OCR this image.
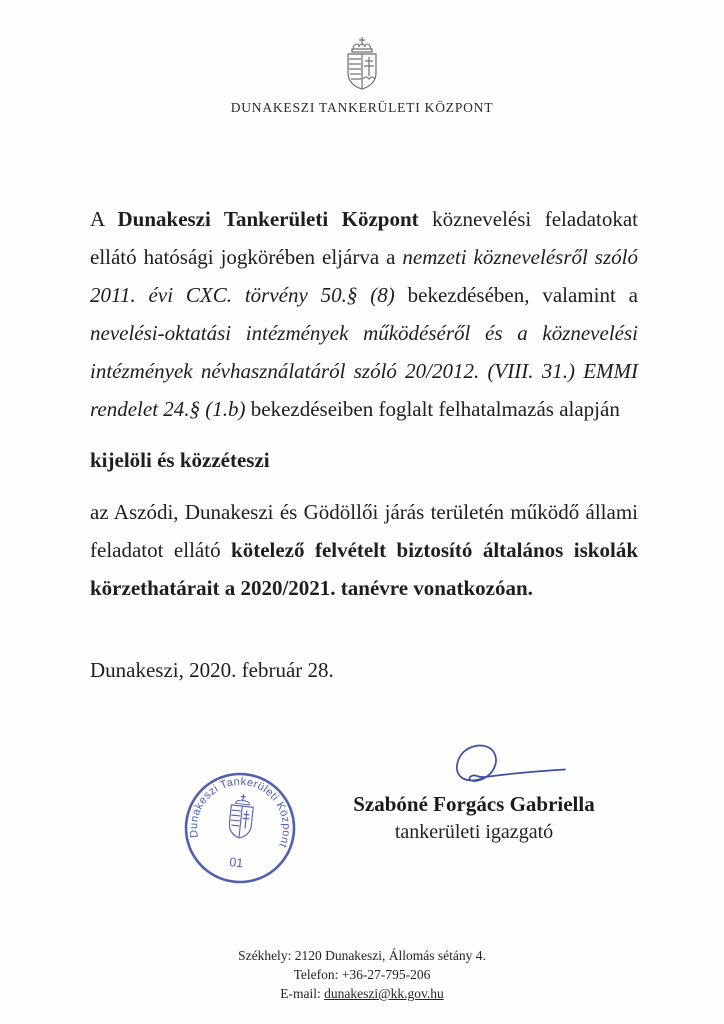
DUNAKESZI TANKERÜLETI KÖZPONT

A Dunakeszi Tankerületi Központ köznevelési feladatokat ellátó hatósági jogkörében eljárva a nemzeti köznevelésről szóló 2011. évi CXC. törvény 50.§ (8) bekezdésében, valamint a nevelési-oktatási intézmények működéséről és a köznevelési intézmények névhasználatáról szóló 20/2012. (VIII. 31.) EMMI rendelet 24.§ (1.b) bekezdéseiben foglalt felhatalmazás alapján

kijelöli és közzéteszi

az Aszódi, Dunakeszi és Gödöllői járás területén működő állami feladatot ellátó kötelező felvételt biztosító általános iskolák körzethatárait a 2020/2021. tanévre vonatkozóan.

Dunakeszi, 2020. február 28.

Dunakeszi Tankerületi Központ
01
Szabóné Forgács Gabriella
tankerületi igazgató
Székhely: 2120 Dunakeszi, Állomás sétány 4.
Telefon: +36-27-795-206
E-mail: dunakeszi@kk.gov.hu
